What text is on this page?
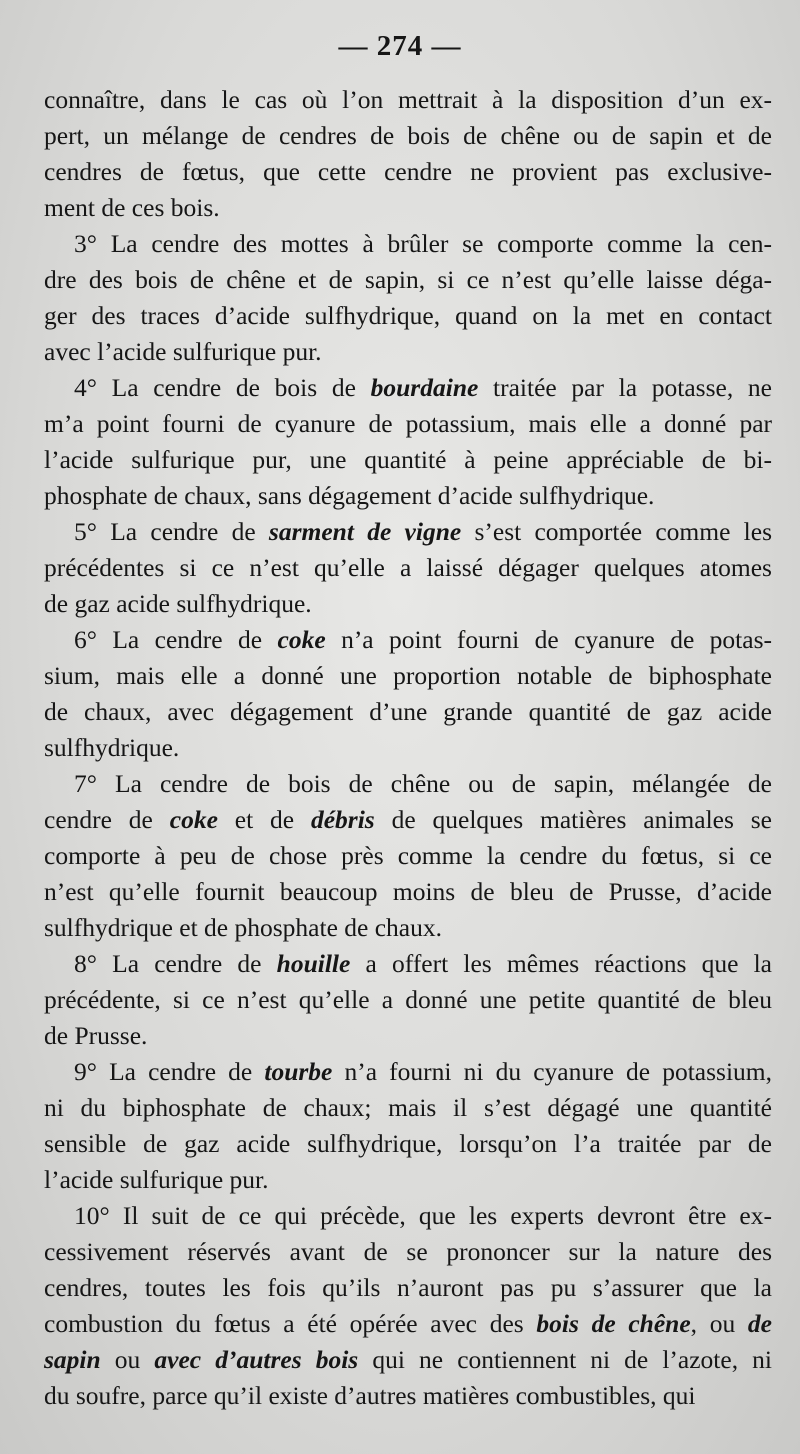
— 274 —
connaître, dans le cas où l’on mettrait à la disposition d’un ex-
pert, un mélange de cendres de bois de chêne ou de sapin et de
cendres de fœtus, que cette cendre ne provient pas exclusive-
ment de ces bois.
3° La cendre des mottes à brûler se comporte comme la cen-
dre des bois de chêne et de sapin, si ce n’est qu’elle laisse déga-
ger des traces d’acide sulfhydrique, quand on la met en contact
avec l’acide sulfurique pur.
4° La cendre de bois de bourdaine traitée par la potasse, ne
m’a point fourni de cyanure de potassium, mais elle a donné par
l’acide sulfurique pur, une quantité à peine appréciable de bi-
phosphate de chaux, sans dégagement d’acide sulfhydrique.
5° La cendre de sarment de vigne s’est comportée comme les
précédentes si ce n’est qu’elle a laissé dégager quelques atomes
de gaz acide sulfhydrique.
6° La cendre de coke n’a point fourni de cyanure de potas-
sium, mais elle a donné une proportion notable de biphosphate
de chaux, avec dégagement d’une grande quantité de gaz acide
sulfhydrique.
7° La cendre de bois de chêne ou de sapin, mélangée de
cendre de coke et de débris de quelques matières animales se
comporte à peu de chose près comme la cendre du fœtus, si ce
n’est qu’elle fournit beaucoup moins de bleu de Prusse, d’acide
sulfhydrique et de phosphate de chaux.
8° La cendre de houille a offert les mêmes réactions que la
précédente, si ce n’est qu’elle a donné une petite quantité de bleu
de Prusse.
9° La cendre de tourbe n’a fourni ni du cyanure de potassium,
ni du biphosphate de chaux; mais il s’est dégagé une quantité
sensible de gaz acide sulfhydrique, lorsqu’on l’a traitée par de
l’acide sulfurique pur.
10° Il suit de ce qui précède, que les experts devront être ex-
cessivement réservés avant de se prononcer sur la nature des
cendres, toutes les fois qu’ils n’auront pas pu s’assurer que la
combustion du fœtus a été opérée avec des bois de chêne, ou de
sapin ou avec d’autres bois qui ne contiennent ni de l’azote, ni
du soufre, parce qu’il existe d’autres matières combustibles, qui
